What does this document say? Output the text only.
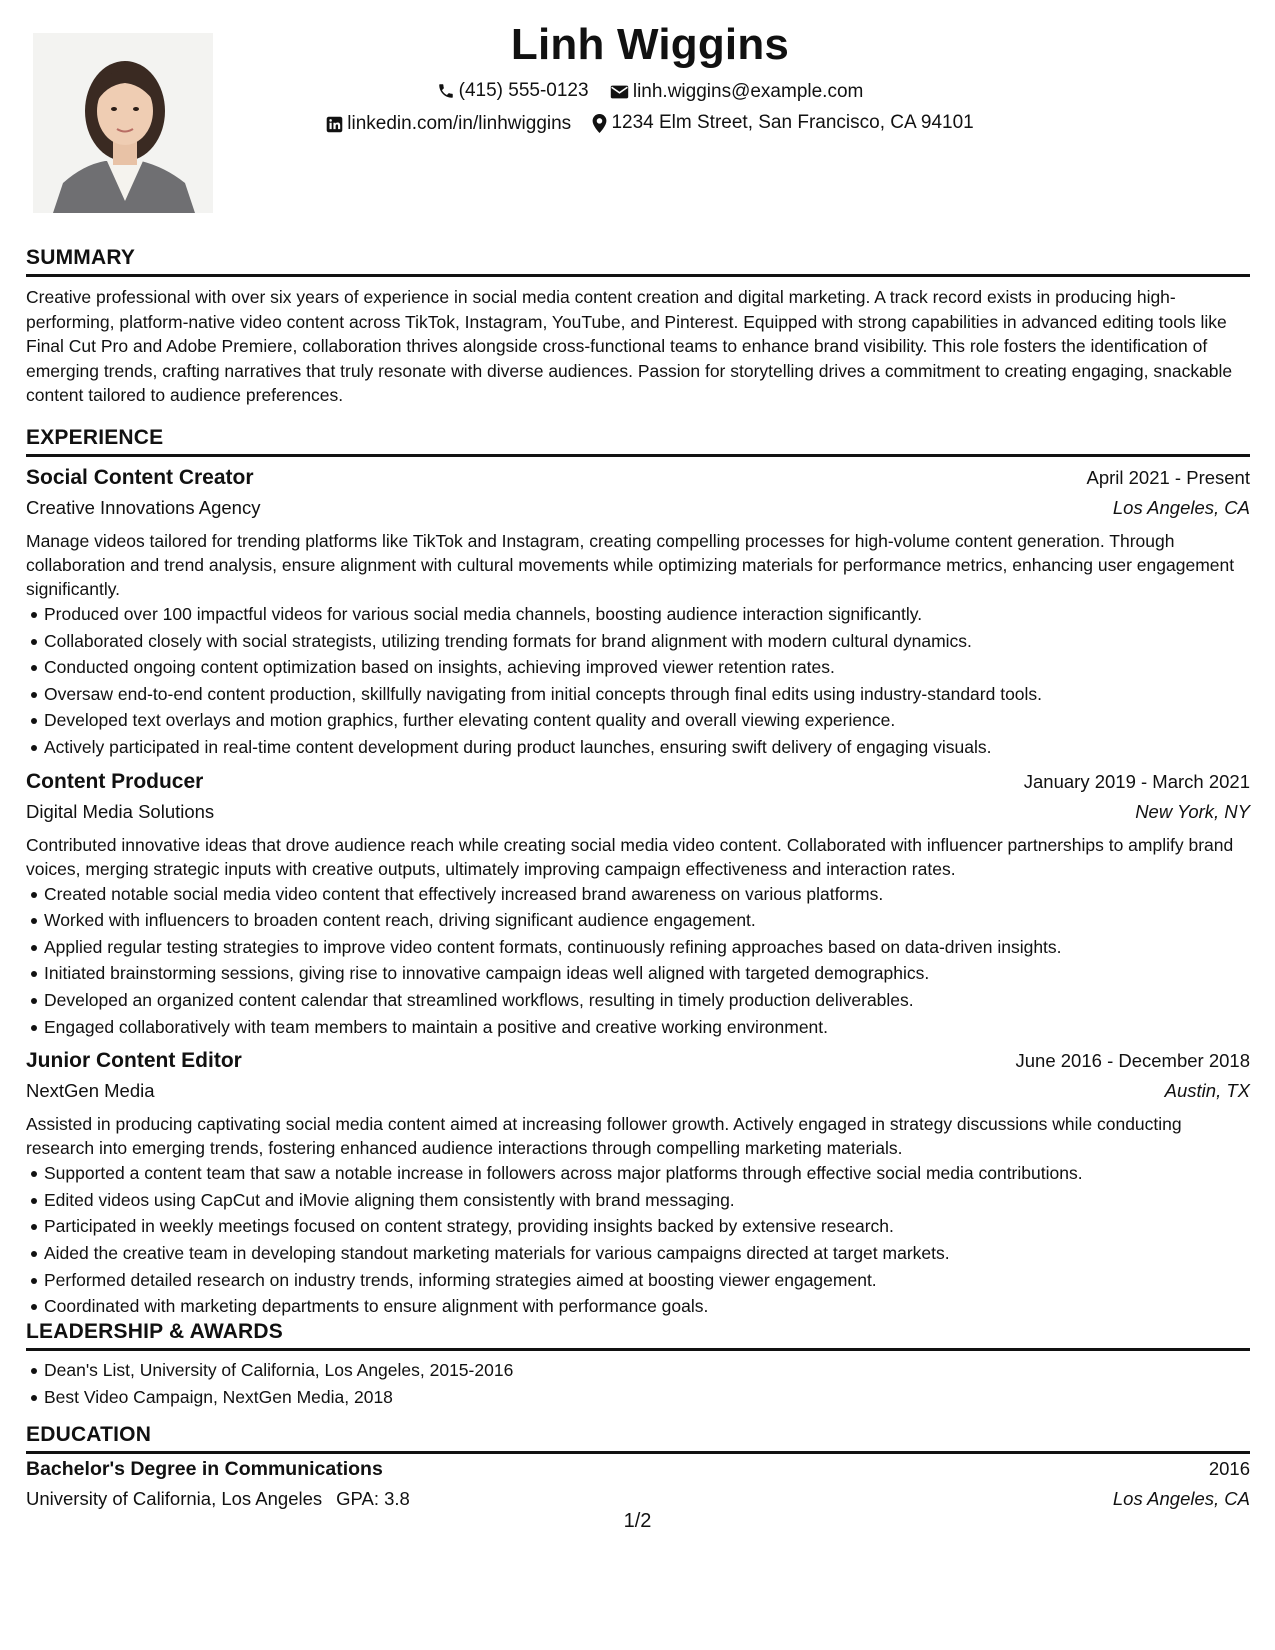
Linh Wiggins
(415) 555-0123
linh.wiggins@example.com
linkedin.com/in/linhwiggins
1234 Elm Street, San Francisco, CA 94101
SUMMARY
Creative professional with over six years of experience in social media content creation and digital marketing. A track record exists in producing high-performing, platform-native video content across TikTok, Instagram, YouTube, and Pinterest. Equipped with strong capabilities in advanced editing tools like Final Cut Pro and Adobe Premiere, collaboration thrives alongside cross-functional teams to enhance brand visibility. This role fosters the identification of emerging trends, crafting narratives that truly resonate with diverse audiences. Passion for storytelling drives a commitment to creating engaging, snackable content tailored to audience preferences.
EXPERIENCE
Social Content Creator	April 2021 - Present
Creative Innovations Agency	Los Angeles, CA
Manage videos tailored for trending platforms like TikTok and Instagram, creating compelling processes for high-volume content generation. Through collaboration and trend analysis, ensure alignment with cultural movements while optimizing materials for performance metrics, enhancing user engagement significantly.
Produced over 100 impactful videos for various social media channels, boosting audience interaction significantly.
Collaborated closely with social strategists, utilizing trending formats for brand alignment with modern cultural dynamics.
Conducted ongoing content optimization based on insights, achieving improved viewer retention rates.
Oversaw end-to-end content production, skillfully navigating from initial concepts through final edits using industry-standard tools.
Developed text overlays and motion graphics, further elevating content quality and overall viewing experience.
Actively participated in real-time content development during product launches, ensuring swift delivery of engaging visuals.
Content Producer	January 2019 - March 2021
Digital Media Solutions	New York, NY
Contributed innovative ideas that drove audience reach while creating social media video content. Collaborated with influencer partnerships to amplify brand voices, merging strategic inputs with creative outputs, ultimately improving campaign effectiveness and interaction rates.
Created notable social media video content that effectively increased brand awareness on various platforms.
Worked with influencers to broaden content reach, driving significant audience engagement.
Applied regular testing strategies to improve video content formats, continuously refining approaches based on data-driven insights.
Initiated brainstorming sessions, giving rise to innovative campaign ideas well aligned with targeted demographics.
Developed an organized content calendar that streamlined workflows, resulting in timely production deliverables.
Engaged collaboratively with team members to maintain a positive and creative working environment.
Junior Content Editor	June 2016 - December 2018
NextGen Media	Austin, TX
Assisted in producing captivating social media content aimed at increasing follower growth. Actively engaged in strategy discussions while conducting research into emerging trends, fostering enhanced audience interactions through compelling marketing materials.
Supported a content team that saw a notable increase in followers across major platforms through effective social media contributions.
Edited videos using CapCut and iMovie aligning them consistently with brand messaging.
Participated in weekly meetings focused on content strategy, providing insights backed by extensive research.
Aided the creative team in developing standout marketing materials for various campaigns directed at target markets.
Performed detailed research on industry trends, informing strategies aimed at boosting viewer engagement.
Coordinated with marketing departments to ensure alignment with performance goals.
LEADERSHIP & AWARDS
Dean's List, University of California, Los Angeles, 2015-2016
Best Video Campaign, NextGen Media, 2018
EDUCATION
Bachelor's Degree in Communications	2016
University of California, Los Angeles GPA: 3.8	Los Angeles, CA
1/2
